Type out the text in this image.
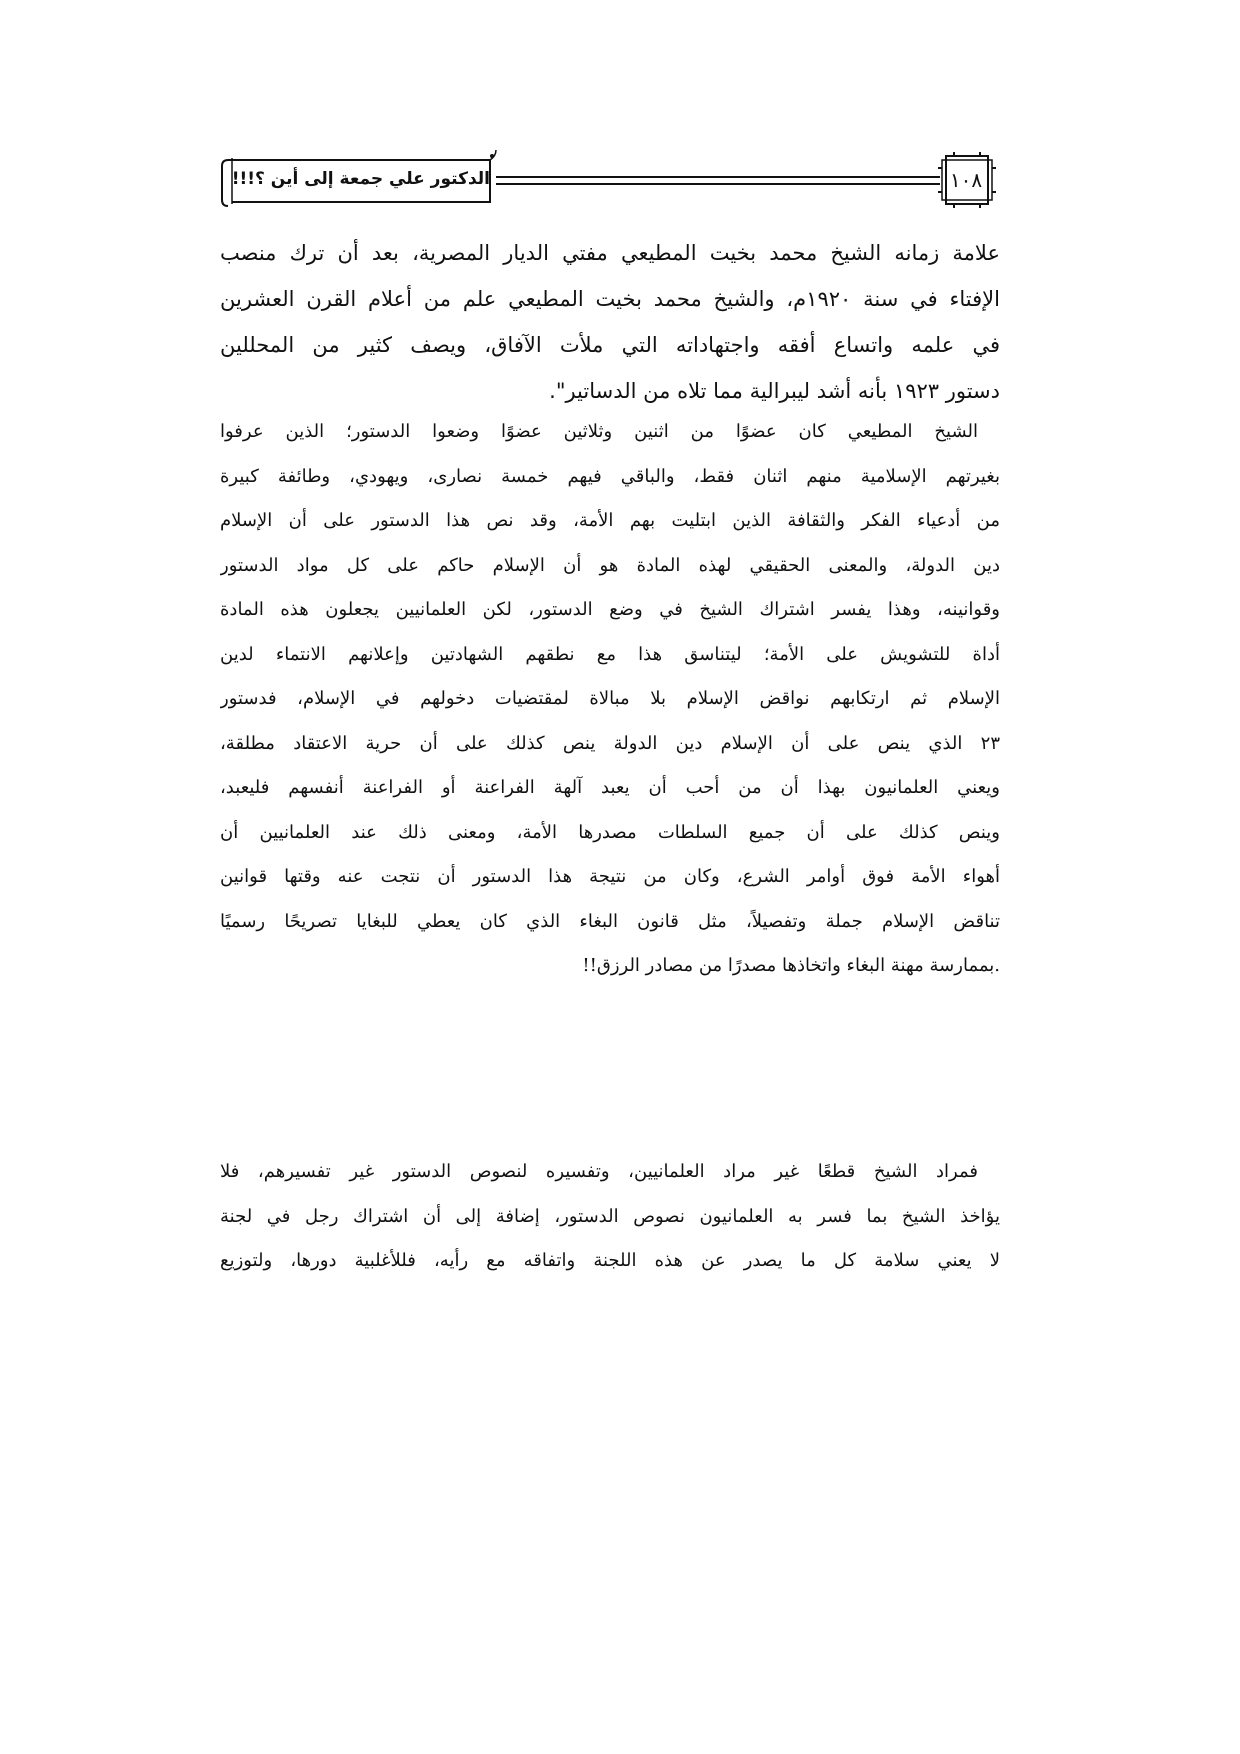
١٠٨
الدكتور علي جمعة إلى أين ؟!!!
علامة زمانه الشيخ محمد بخيت المطيعي مفتي الديار المصرية، بعد أن ترك منصب
الإفتاء في سنة ١٩٢٠م، والشيخ محمد بخيت المطيعي علم من أعلام القرن العشرين
في علمه واتساع أفقه واجتهاداته التي ملأت الآفاق، ويصف كثير من المحللين
دستور ١٩٢٣ بأنه أشد ليبرالية مما تلاه من الدساتير".
الشيخ المطيعي كان عضوًا من اثنين وثلاثين عضوًا وضعوا الدستور؛ الذين عرفوا
بغيرتهم الإسلامية منهم اثنان فقط، والباقي فيهم خمسة نصارى، ويهودي، وطائفة كبيرة
من أدعياء الفكر والثقافة الذين ابتليت بهم الأمة، وقد نص هذا الدستور على أن الإسلام
دين الدولة، والمعنى الحقيقي لهذه المادة هو أن الإسلام حاكم على كل مواد الدستور
وقوانينه، وهذا يفسر اشتراك الشيخ في وضع الدستور، لكن العلمانيين يجعلون هذه المادة
أداة للتشويش على الأمة؛ ليتناسق هذا مع نطقهم الشهادتين وإعلانهم الانتماء لدين
الإسلام ثم ارتكابهم نواقض الإسلام بلا مبالاة لمقتضيات دخولهم في الإسلام، فدستور
٢٣ الذي ينص على أن الإسلام دين الدولة ينص كذلك على أن حرية الاعتقاد مطلقة،
ويعني العلمانيون بهذا أن من أحب أن يعبد آلهة الفراعنة أو الفراعنة أنفسهم فليعبد،
وينص كذلك على أن جميع السلطات مصدرها الأمة، ومعنى ذلك عند العلمانيين أن
أهواء الأمة فوق أوامر الشرع، وكان من نتيجة هذا الدستور أن نتجت عنه وقتها قوانين
تناقض الإسلام جملة وتفصيلاً، مثل قانون البغاء الذي كان يعطي للبغايا تصريحًا رسميًا
.بممارسة مهنة البغاء واتخاذها مصدرًا من مصادر الرزق!!
فمراد الشيخ قطعًا غير مراد العلمانيين، وتفسيره لنصوص الدستور غير تفسيرهم، فلا
يؤاخذ الشيخ بما فسر به العلمانيون نصوص الدستور، إضافة إلى أن اشتراك رجل في لجنة
لا يعني سلامة كل ما يصدر عن هذه اللجنة واتفاقه مع رأيه، فللأغلبية دورها، ولتوزيع
